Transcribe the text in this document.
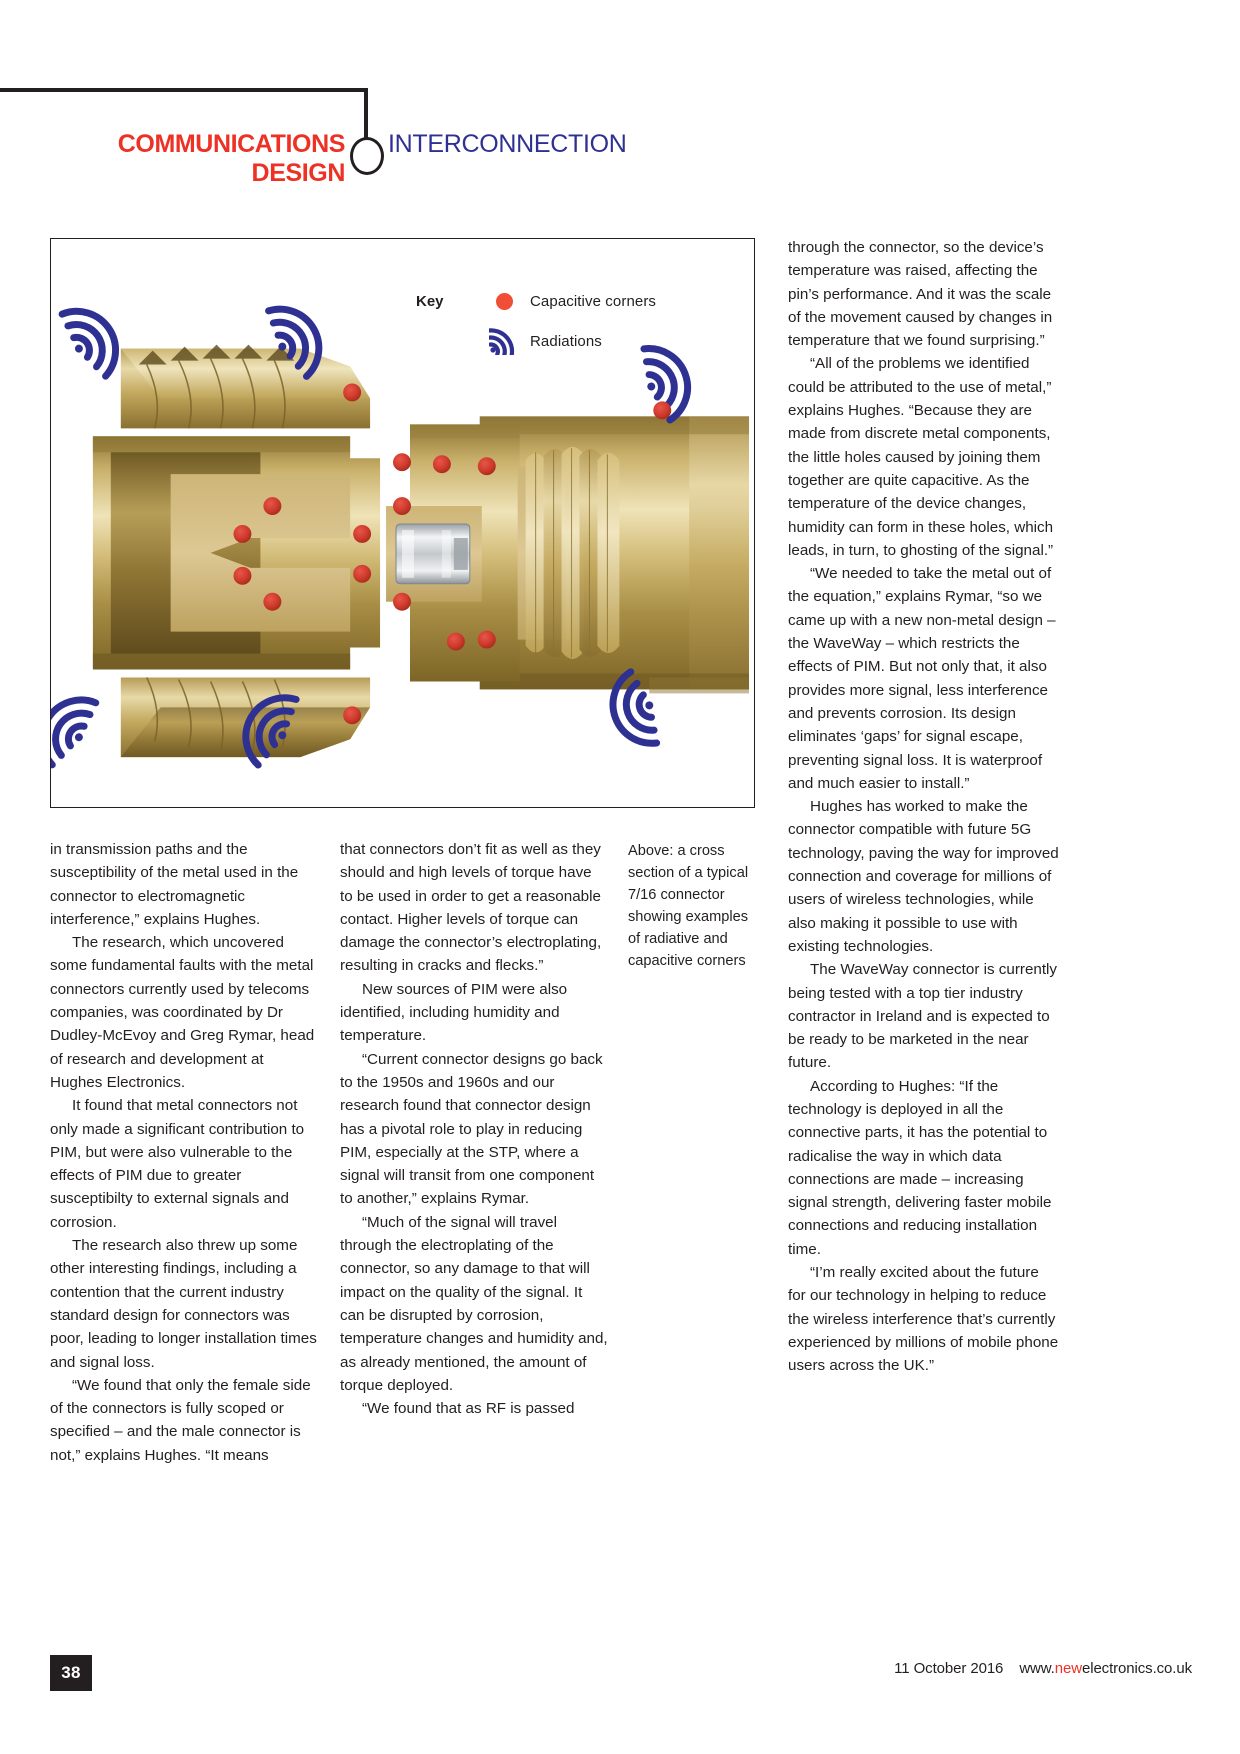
COMMUNICATIONS
DESIGN
INTERCONNECTION
Key	Capacitive corners
Radiations

in transmission paths and the susceptibility of the metal used in the connector to electromagnetic interference,” explains Hughes.

The research, which uncovered some fundamental faults with the metal connectors currently used by telecoms companies, was coordinated by Dr Dudley-McEvoy and Greg Rymar, head of research and development at Hughes Electronics.

It found that metal connectors not only made a significant contribution to PIM, but were also vulnerable to the effects of PIM due to greater susceptibilty to external signals and corrosion.

The research also threw up some other interesting findings, including a contention that the current industry standard design for connectors was poor, leading to longer installation times and signal loss.

“We found that only the female side of the connectors is fully scoped or specified – and the male connector is not,” explains Hughes. “It means

that connectors don’t fit as well as they should and high levels of torque have to be used in order to get a reasonable contact. Higher levels of torque can damage the connector’s electroplating, resulting in cracks and flecks.”

New sources of PIM were also identified, including humidity and temperature.

“Current connector designs go back to the 1950s and 1960s and our research found that connector design has a pivotal role to play in reducing PIM, especially at the STP, where a signal will transit from one component to another,” explains Rymar.

“Much of the signal will travel through the electroplating of the connector, so any damage to that will impact on the quality of the signal. It can be disrupted by corrosion, temperature changes and humidity and, as already mentioned, the amount of torque deployed.

“We found that as RF is passed

Above: a cross section of a typical 7/16 connector showing examples of radiative and capacitive corners

through the connector, so the device’s temperature was raised, affecting the pin’s performance. And it was the scale of the movement caused by changes in temperature that we found surprising.”

“All of the problems we identified could be attributed to the use of metal,” explains Hughes. “Because they are made from discrete metal components, the little holes caused by joining them together are quite capacitive. As the temperature of the device changes, humidity can form in these holes, which leads, in turn, to ghosting of the signal.”

“We needed to take the metal out of the equation,” explains Rymar, “so we came up with a new non-metal design – the WaveWay – which restricts the effects of PIM. But not only that, it also provides more signal, less interference and prevents corrosion. Its design eliminates ‘gaps’ for signal escape, preventing signal loss. It is waterproof and much easier to install.”

Hughes has worked to make the connector compatible with future 5G technology, paving the way for improved connection and coverage for millions of users of wireless technologies, while also making it possible to use with existing technologies.

The WaveWay connector is currently being tested with a top tier industry contractor in Ireland and is expected to be ready to be marketed in the near future.

According to Hughes: “If the technology is deployed in all the connective parts, it has the potential to radicalise the way in which data connections are made – increasing signal strength, delivering faster mobile connections and reducing installation time.

“I’m really excited about the future for our technology in helping to reduce the wireless interference that’s currently experienced by millions of mobile phone users across the UK.”

38	11 October 2016 www.newelectronics.co.uk
